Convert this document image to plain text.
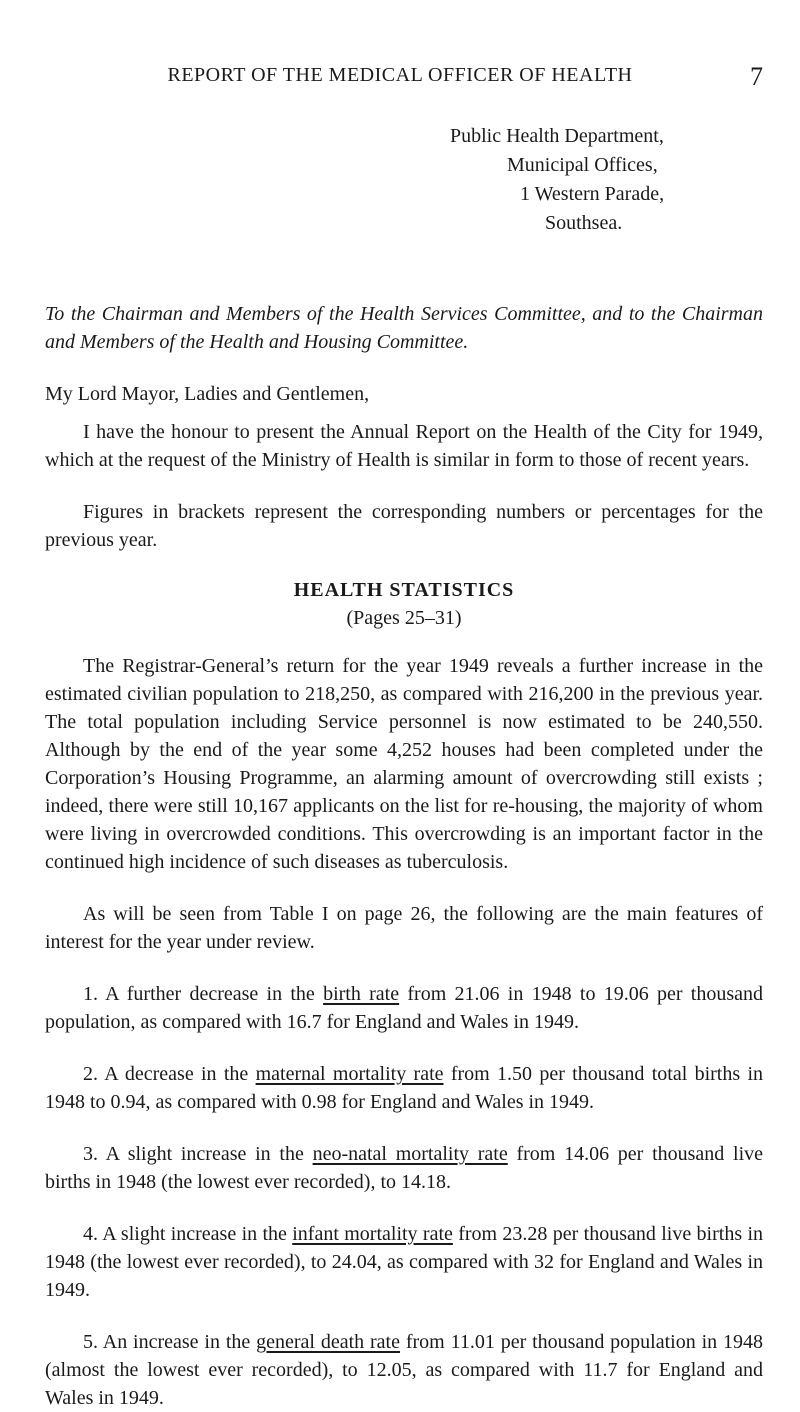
REPORT OF THE MEDICAL OFFICER OF HEALTH	7
Public Health Department,
Municipal Offices,
1 Western Parade,
Southsea.

To the Chairman and Members of the Health Services Committee, and to the Chairman and Members of the Health and Housing Committee.

My Lord Mayor, Ladies and Gentlemen,

I have the honour to present the Annual Report on the Health of the City for 1949, which at the request of the Ministry of Health is similar in form to those of recent years.

Figures in brackets represent the corresponding numbers or percentages for the previous year.

HEALTH STATISTICS
(Pages 25–31)

The Registrar-General’s return for the year 1949 reveals a further increase in the estimated civilian population to 218,250, as compared with 216,200 in the previous year. The total population including Service personnel is now estimated to be 240,550. Although by the end of the year some 4,252 houses had been completed under the Corporation’s Housing Programme, an alarming amount of overcrowding still exists ; indeed, there were still 10,167 applicants on the list for re-housing, the majority of whom were living in overcrowded conditions. This overcrowding is an important factor in the continued high incidence of such diseases as tuberculosis.

As will be seen from Table I on page 26, the following are the main features of interest for the year under review.

1. A further decrease in the birth rate from 21.06 in 1948 to 19.06 per thousand population, as compared with 16.7 for England and Wales in 1949.

2. A decrease in the maternal mortality rate from 1.50 per thousand total births in 1948 to 0.94, as compared with 0.98 for England and Wales in 1949.

3. A slight increase in the neo-natal mortality rate from 14.06 per thousand live births in 1948 (the lowest ever recorded), to 14.18.

4. A slight increase in the infant mortality rate from 23.28 per thousand live births in 1948 (the lowest ever recorded), to 24.04, as compared with 32 for England and Wales in 1949.

5. An increase in the general death rate from 11.01 per thousand population in 1948 (almost the lowest ever recorded), to 12.05, as compared with 11.7 for England and Wales in 1949.
